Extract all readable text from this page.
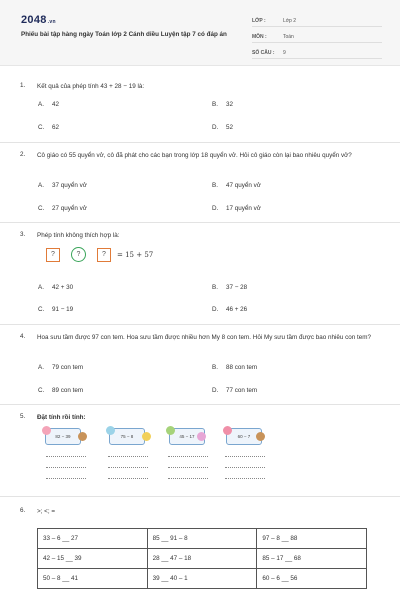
2048.vn
Phiếu bài tập hàng ngày Toán lớp 2 Cánh diều Luyện tập 7 có đáp án
LỚP :	Lớp 2
MÔN :	Toán
SỐ CÂU :	9
1. Kết quả của phép tính 43 + 28 − 19 là:
A. 42	B. 32
C. 62	D. 52
2. Cô giáo có 55 quyển vở, cô đã phát cho các bạn trong lớp 18 quyển vở. Hỏi cô giáo còn lại bao nhiêu quyển vở?
A. 37 quyển vở	B. 47 quyển vở
C. 27 quyển vở	D. 17 quyển vở
3. Phép tính không thích hợp là:
?	?	?	= 15 + 57
A. 42 + 30	B. 37 − 28
C. 91 − 19	D. 46 + 26
4. Hoa sưu tầm được 97 con tem. Hoa sưu tầm được nhiều hơn My 8 con tem. Hỏi My sưu tầm được bao nhiêu con tem?
A. 79 con tem	B. 88 con tem
C. 89 con tem	D. 77 con tem
5. Đặt tính rồi tính:
82 − 39	75 − 8	45 − 17	60 − 7
6. >; <; =
33 – 6 __ 27	85 __ 91 – 8	97 – 8 __ 88
42 – 15 __ 39	28 __ 47 – 18	85 – 17 __ 68
50 – 8 __ 41	39 __ 40 – 1	60 – 6 __ 56
